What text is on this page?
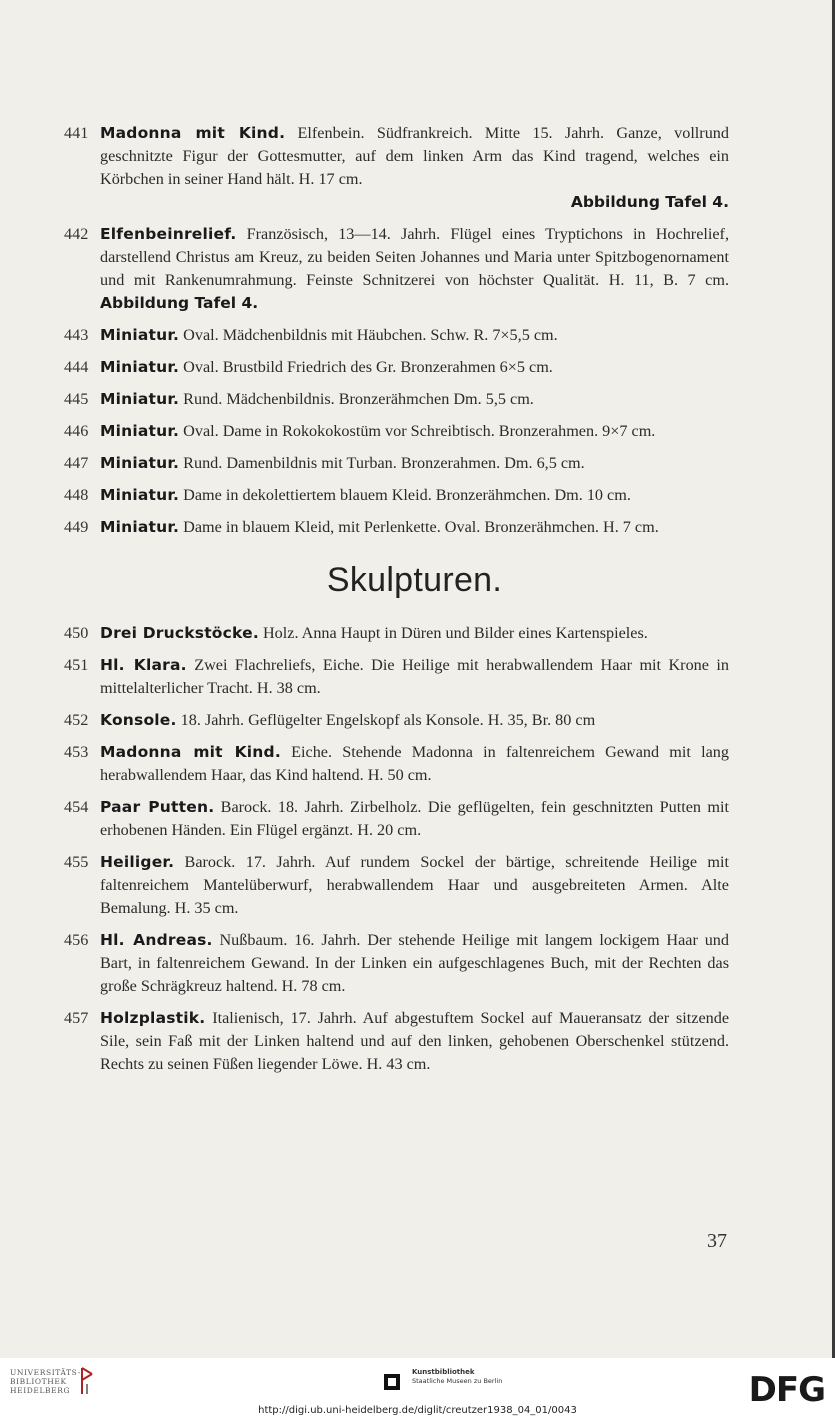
441 Madonna mit Kind. Elfenbein. Südfrankreich. Mitte 15. Jahrh. Ganze, vollrund geschnitzte Figur der Gottesmutter, auf dem linken Arm das Kind tragend, welches ein Körbchen in seiner Hand hält. H. 17 cm.
Abbildung Tafel 4.
442 Elfenbeinrelief. Französisch, 13—14. Jahrh. Flügel eines Tryptichons in Hochrelief, darstellend Christus am Kreuz, zu beiden Seiten Johannes und Maria unter Spitzbogenornament und mit Rankenumrahmung. Feinste Schnitzerei von höchster Qualität. H. 11, B. 7 cm. Abbildung Tafel 4.
443 Miniatur. Oval. Mädchenbildnis mit Häubchen. Schw. R. 7×5,5 cm.
444 Miniatur. Oval. Brustbild Friedrich des Gr. Bronzerahmen 6×5 cm.
445 Miniatur. Rund. Mädchenbildnis. Bronzerähmchen Dm. 5,5 cm.
446 Miniatur. Oval. Dame in Rokokokostüm vor Schreibtisch. Bronzerahmen. 9×7 cm.
447 Miniatur. Rund. Damenbildnis mit Turban. Bronzerahmen. Dm. 6,5 cm.
448 Miniatur. Dame in dekolettiertem blauem Kleid. Bronzerähmchen. Dm. 10 cm.
449 Miniatur. Dame in blauem Kleid, mit Perlenkette. Oval. Bronzerähmchen. H. 7 cm.
Skulpturen.
450 Drei Druckstöcke. Holz. Anna Haupt in Düren und Bilder eines Kartenspieles.
451 Hl. Klara. Zwei Flachreliefs, Eiche. Die Heilige mit herabwallendem Haar mit Krone in mittelalterlicher Tracht. H. 38 cm.
452 Konsole. 18. Jahrh. Geflügelter Engelskopf als Konsole. H. 35, Br. 80 cm
453 Madonna mit Kind. Eiche. Stehende Madonna in faltenreichem Gewand mit lang herabwallendem Haar, das Kind haltend. H. 50 cm.
454 Paar Putten. Barock. 18. Jahrh. Zirbelholz. Die geflügelten, fein geschnitzten Putten mit erhobenen Händen. Ein Flügel ergänzt. H. 20 cm.
455 Heiliger. Barock. 17. Jahrh. Auf rundem Sockel der bärtige, schreitende Heilige mit faltenreichem Mantelüberwurf, herabwallendem Haar und ausgebreiteten Armen. Alte Bemalung. H. 35 cm.
456 Hl. Andreas. Nußbaum. 16. Jahrh. Der stehende Heilige mit langem lockigem Haar und Bart, in faltenreichem Gewand. In der Linken ein aufgeschlagenes Buch, mit der Rechten das große Schrägkreuz haltend. H. 78 cm.
457 Holzplastik. Italienisch, 17. Jahrh. Auf abgestuftem Sockel auf Maueransatz der sitzende Sile, sein Faß mit der Linken haltend und auf den linken, gehobenen Oberschenkel stützend. Rechts zu seinen Füßen liegender Löwe. H. 43 cm.
37
UNIVERSITÄTS-
BIBLIOTHEK
HEIDELBERG
Kunstbibliothek
Staatliche Museen zu Berlin	DFG
http://digi.ub.uni-heidelberg.de/diglit/creutzer1938_04_01/0043
